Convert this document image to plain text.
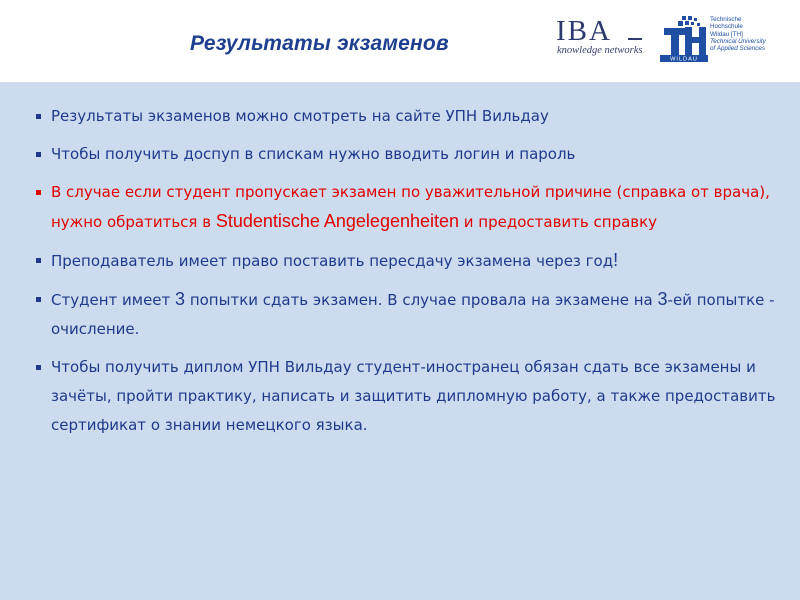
Результаты экзаменов	IBA
knowledge networks
WILDAU
Technische
Hochschule
Wildau [TH]
Technical University
of Applied Sciences
Результаты экзаменов можно смотреть на сайте УПН Вильдау
Чтобы получить доспуп в спискам нужно вводить логин и пароль
В случае если студент пропускает экзамен по уважительной причине (справка от врача), нужно обратиться в Studentische Angelegenheiten и предоставить справку
Преподаватель имеет право поставить пересдачу экзамена через год!
Студент имеет 3 попытки сдать экзамен. В случае провала на экзамене на 3-ей попытке - очисление.
Чтобы получить диплом УПН Вильдау студент-иностранец обязан сдать все экзамены и зачёты, пройти практику, написать и защитить дипломную работу, а также предоставить сертификат о знании немецкого языка.
